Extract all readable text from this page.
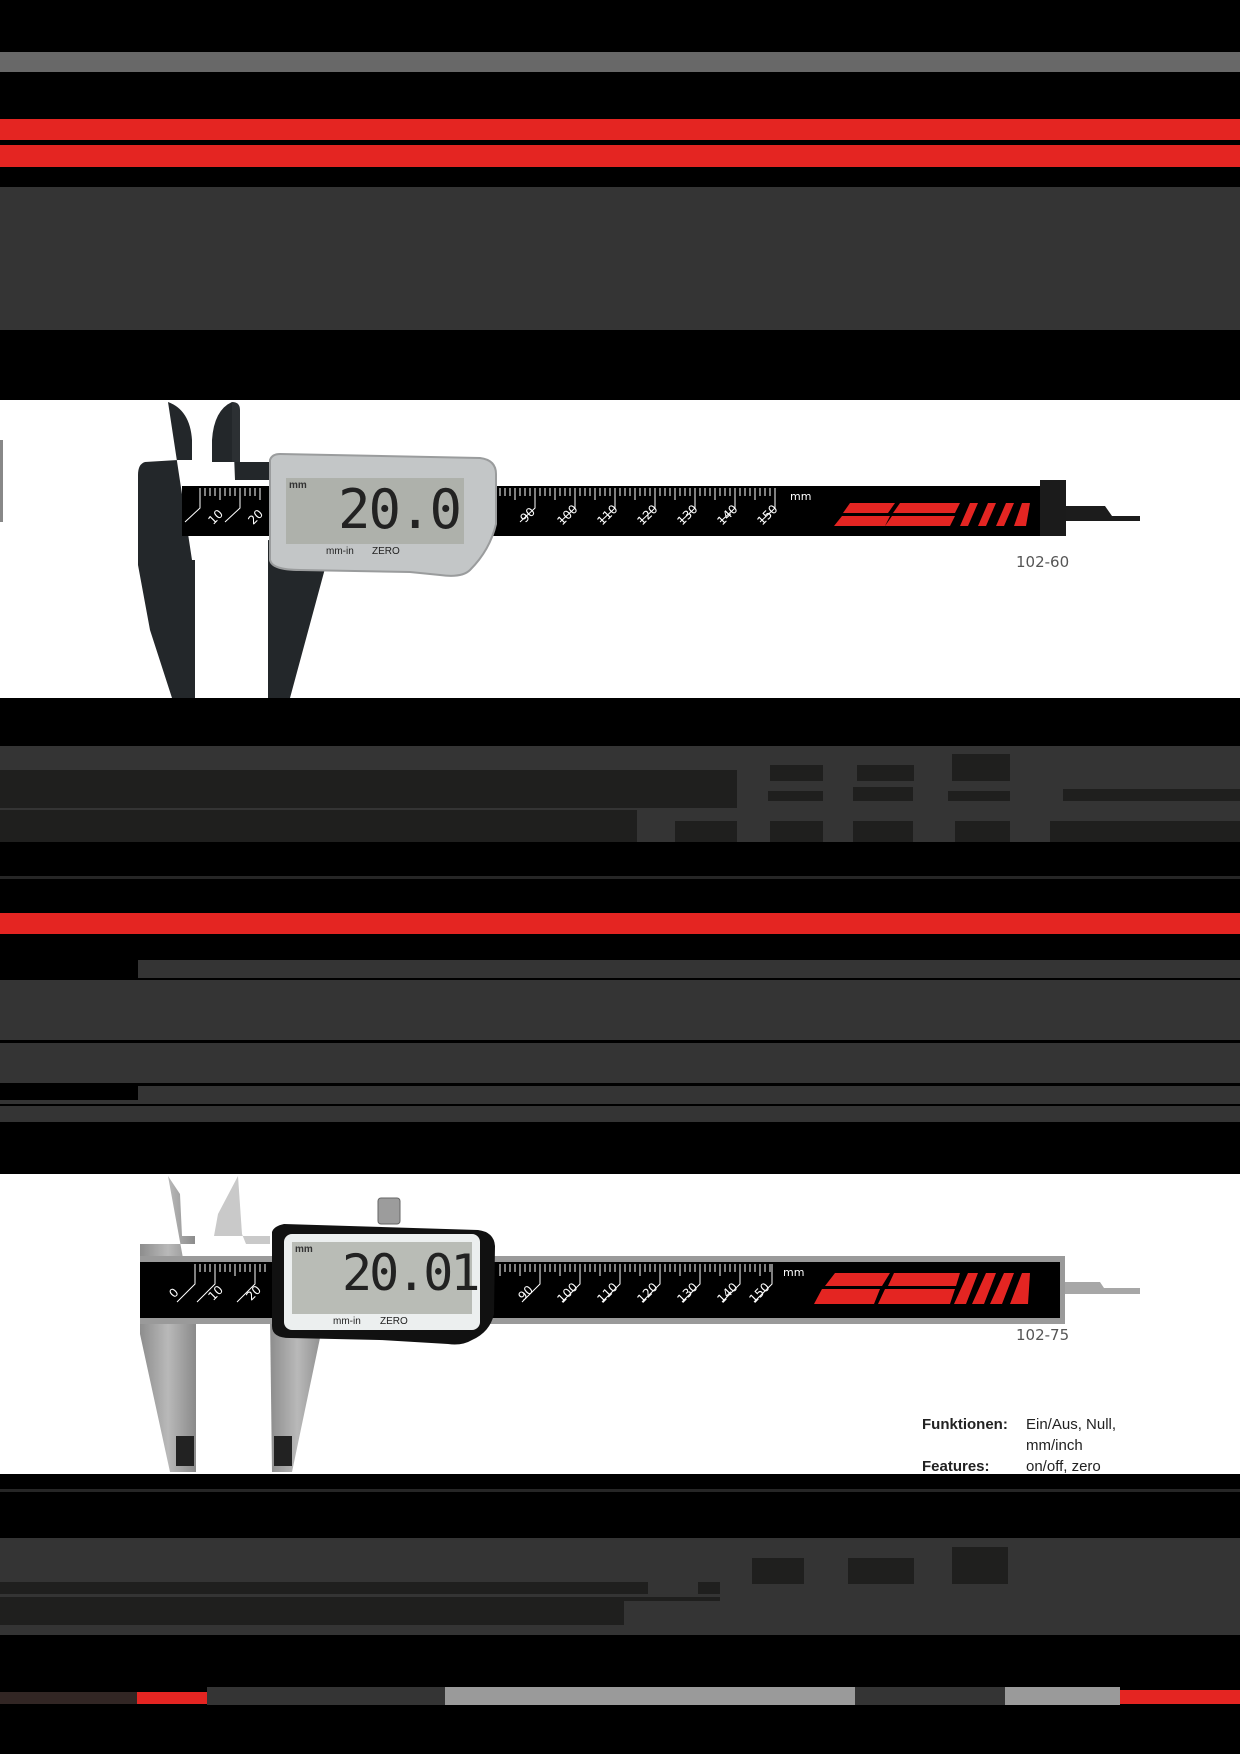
10 20	90 100 110 120 130 140 150
mm
mm 20.0
mm-in ZERO
102-60
0 10 20	90 100 110 120 130 140 150
mm
mm 20.01
mm-in ZERO
102-75
Funktionen: Ein/Aus, Null,
mm/inch
Features: on/off, zero
